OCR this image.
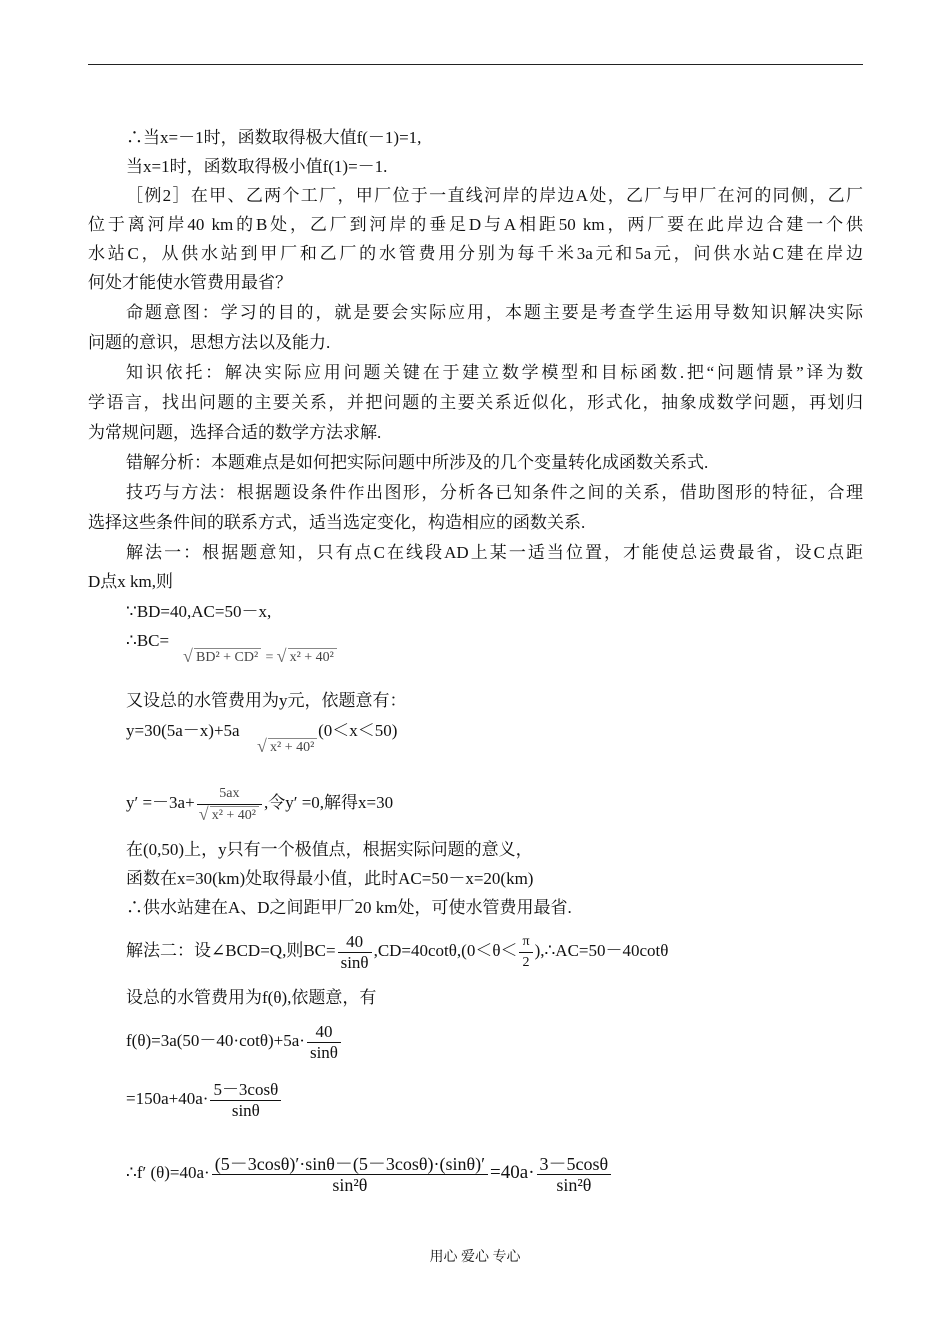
∴当x=－1时，函数取得极大值f(－1)=1,
当x=1时，函数取得极小值f(1)=－1.
［例2］在甲、乙两个工厂，甲厂位于一直线河岸的岸边A处，乙厂与甲厂在河的同侧，乙厂
位于离河岸40 km的B处，乙厂到河岸的垂足D与A相距50 km，两厂要在此岸边合建一个供
水站C，从供水站到甲厂和乙厂的水管费用分别为每千米3a元和5a元，问供水站C建在岸边
何处才能使水管费用最省？
命题意图：学习的目的，就是要会实际应用，本题主要是考查学生运用导数知识解决实际
问题的意识，思想方法以及能力.
知识依托：解决实际应用问题关键在于建立数学模型和目标函数.把“问题情景”译为数
学语言，找出问题的主要关系，并把问题的主要关系近似化，形式化，抽象成数学问题，再划归
为常规问题，选择合适的数学方法求解.
错解分析：本题难点是如何把实际问题中所涉及的几个变量转化成函数关系式.
技巧与方法：根据题设条件作出图形，分析各已知条件之间的关系，借助图形的特征，合理
选择这些条件间的联系方式，适当选定变化，构造相应的函数关系.
解法一：根据题意知，只有点C在线段AD上某一适当位置，才能使总运费最省，设C点距
D点x km,则
∵BD=40,AC=50－x,
∴BC=
√ BD² + CD² = √ x² + 40²
又设总的水管费用为y元，依题意有：
y=30(5a－x)+5a	(0＜x＜50)
√ x² + 40²
y′ =－3a+ 5ax
√ x² + 40² ,令y′ =0,解得x=30
在(0,50)上，y只有一个极值点，根据实际问题的意义，
函数在x=30(km)处取得最小值，此时AC=50－x=20(km)
∴供水站建在A、D之间距甲厂20 km处，可使水管费用最省.
解法二：设∠BCD=Q,则$BC= \frac{40}{\sin\theta} ,CD=40\cot\theta,(0<\theta< \frac{\pi}{2}$ ),∴AC=50－40cotθ
设总的水管费用为f(θ),依题意，有
$f(\theta)=3a(50-40\cdot\cot\theta)+5a\cdot \frac{40}{\sin\theta}$
$=150a+40a\cdot \frac{5-3\cos\theta}{\sin\theta}$
∴f′ $(\theta)=40a\cdot \frac{(5-3\cos\theta)'\cdot\sin\theta-(5-3\cos\theta)\cdot(\sin\theta)'}{\text{sin²θ}} =40a\cdot \frac{3-5\cos\theta}{\text{sin²θ}}$
用心 爱心 专心
